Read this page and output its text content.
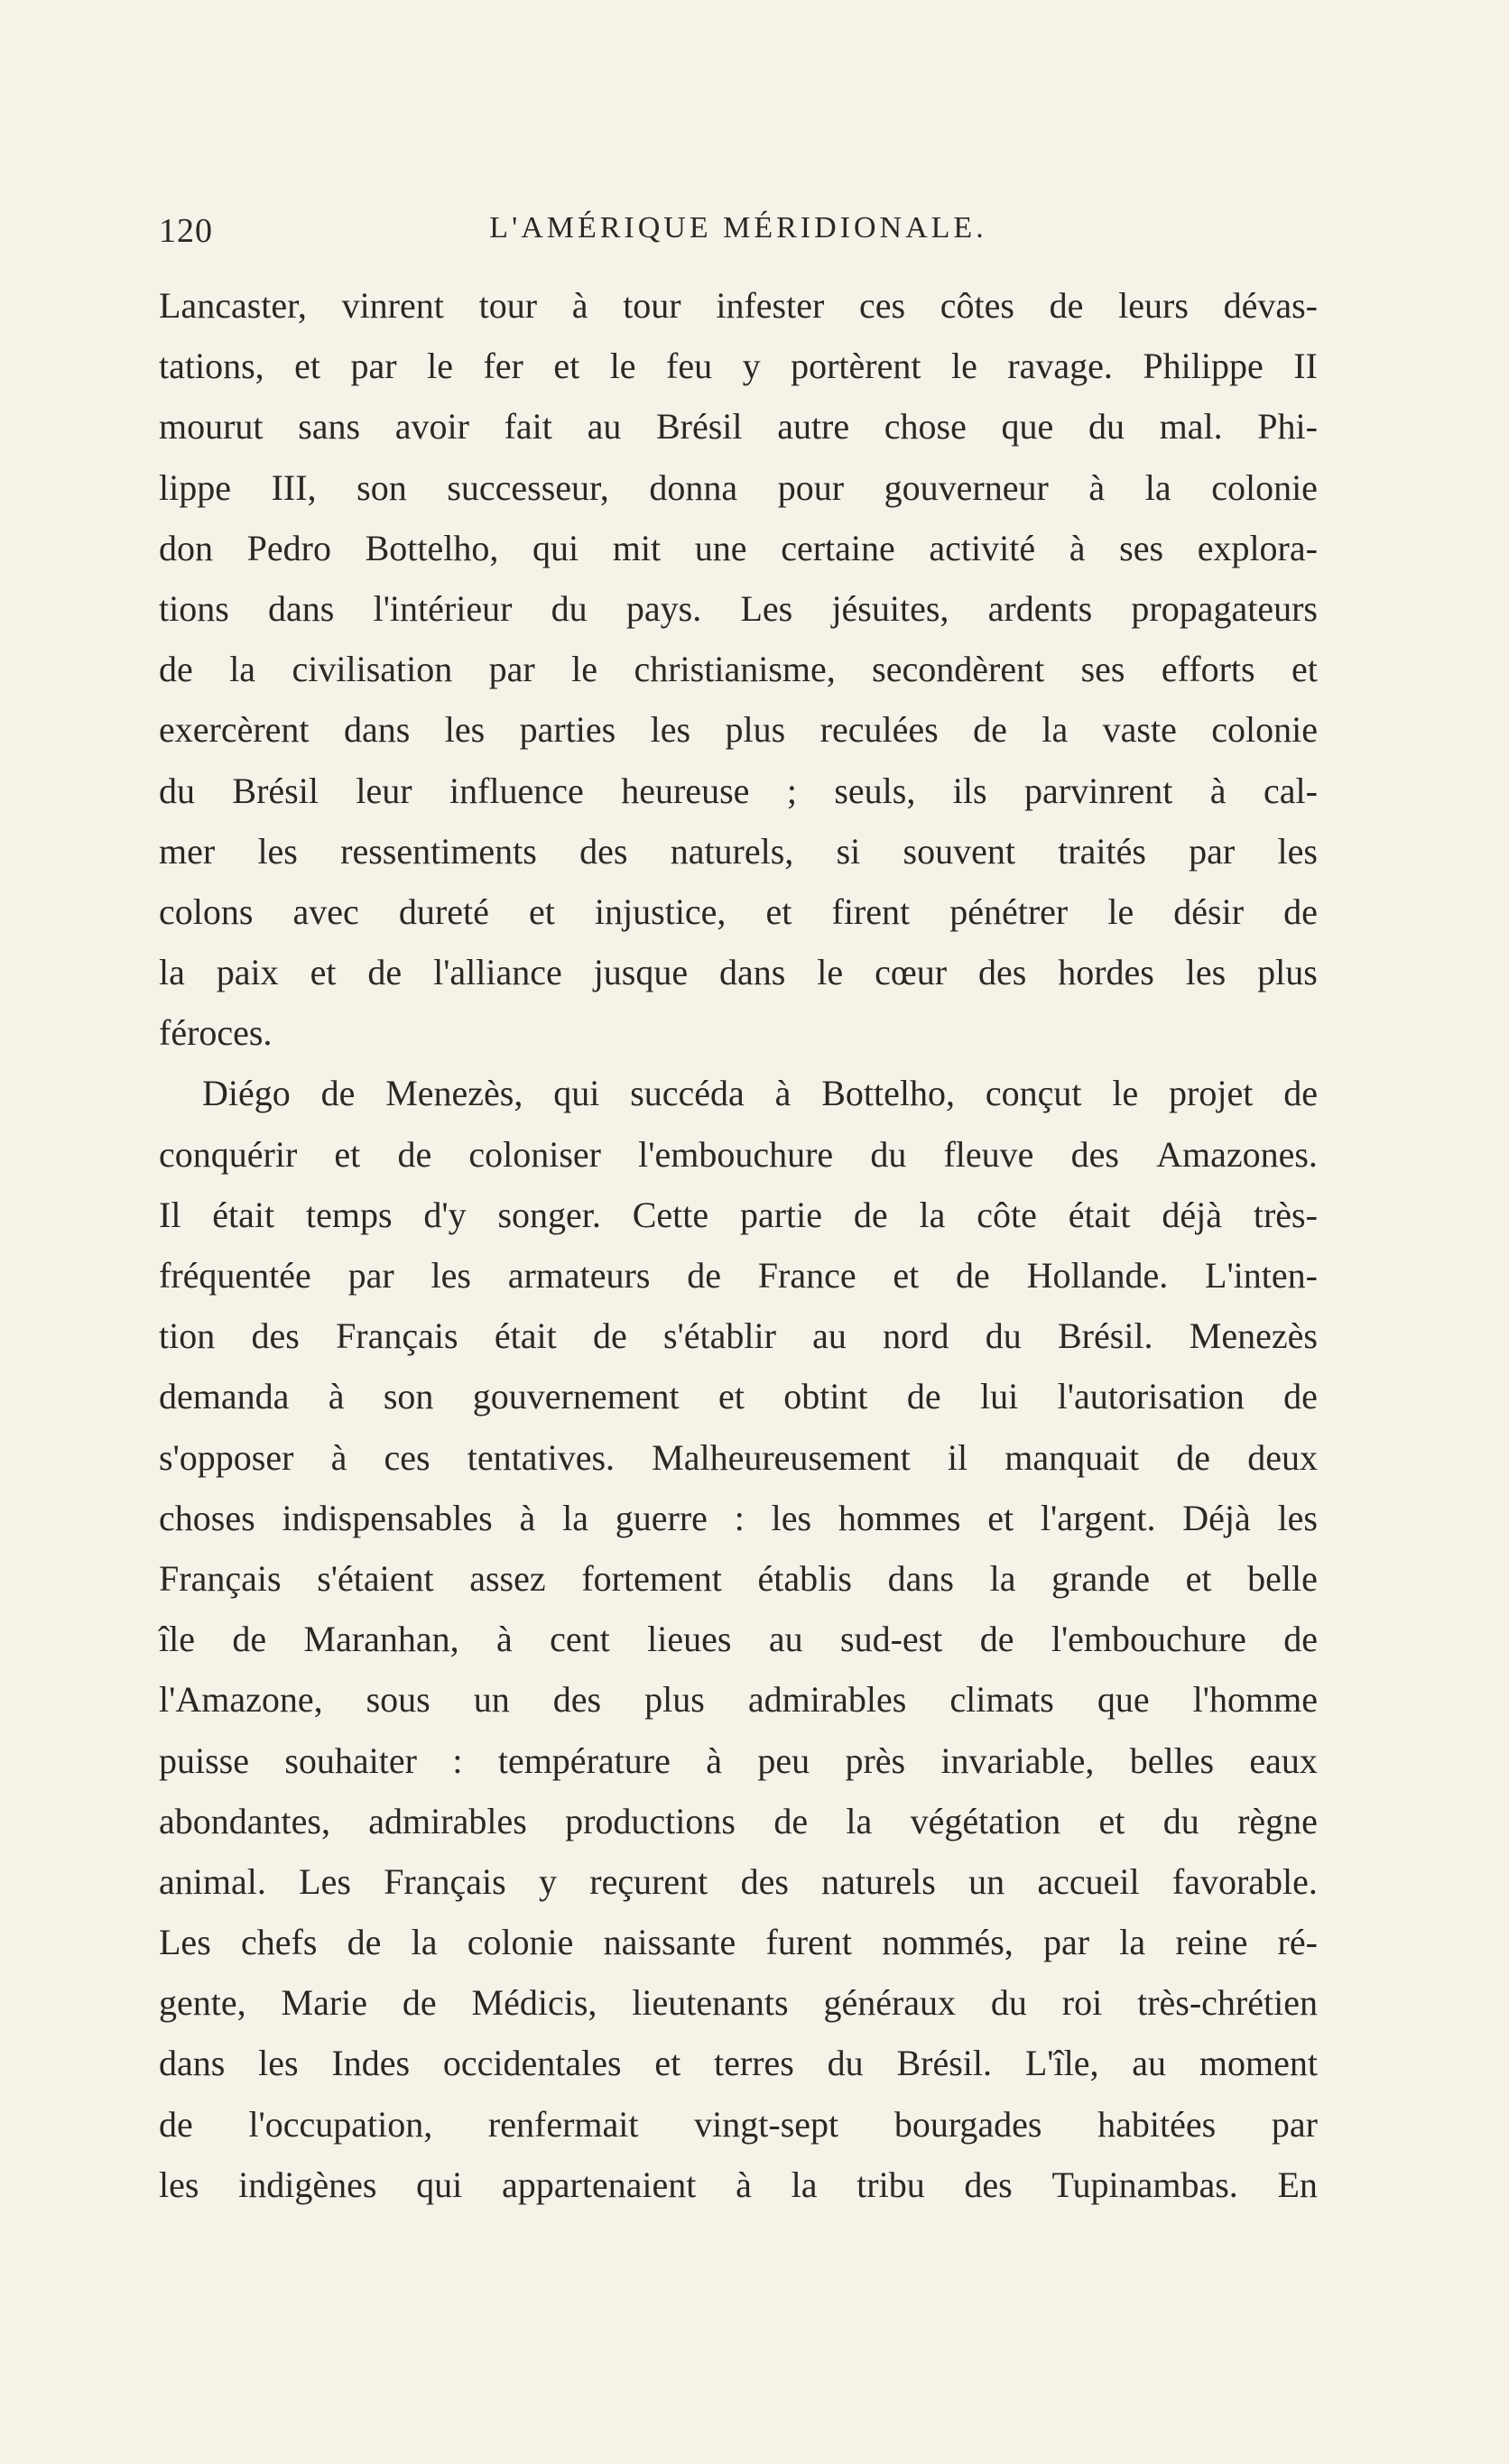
120	L'AMÉRIQUE MÉRIDIONALE.
Lancaster, vinrent tour à tour infester ces côtes de leurs dévas-
tations, et par le fer et le feu y portèrent le ravage. Philippe II
mourut sans avoir fait au Brésil autre chose que du mal. Phi-
lippe III, son successeur, donna pour gouverneur à la colonie
don Pedro Bottelho, qui mit une certaine activité à ses explora-
tions dans l'intérieur du pays. Les jésuites, ardents propagateurs
de la civilisation par le christianisme, secondèrent ses efforts et
exercèrent dans les parties les plus reculées de la vaste colonie
du Brésil leur influence heureuse ; seuls, ils parvinrent à cal-
mer les ressentiments des naturels, si souvent traités par les
colons avec dureté et injustice, et firent pénétrer le désir de
la paix et de l'alliance jusque dans le cœur des hordes les plus
féroces.
Diégo de Menezès, qui succéda à Bottelho, conçut le projet de
conquérir et de coloniser l'embouchure du fleuve des Amazones.
Il était temps d'y songer. Cette partie de la côte était déjà très-
fréquentée par les armateurs de France et de Hollande. L'inten-
tion des Français était de s'établir au nord du Brésil. Menezès
demanda à son gouvernement et obtint de lui l'autorisation de
s'opposer à ces tentatives. Malheureusement il manquait de deux
choses indispensables à la guerre : les hommes et l'argent. Déjà les
Français s'étaient assez fortement établis dans la grande et belle
île de Maranhan, à cent lieues au sud-est de l'embouchure de
l'Amazone, sous un des plus admirables climats que l'homme
puisse souhaiter : température à peu près invariable, belles eaux
abondantes, admirables productions de la végétation et du règne
animal. Les Français y reçurent des naturels un accueil favorable.
Les chefs de la colonie naissante furent nommés, par la reine ré-
gente, Marie de Médicis, lieutenants généraux du roi très-chrétien
dans les Indes occidentales et terres du Brésil. L'île, au moment
de l'occupation, renfermait vingt-sept bourgades habitées par
les indigènes qui appartenaient à la tribu des Tupinambas. En
